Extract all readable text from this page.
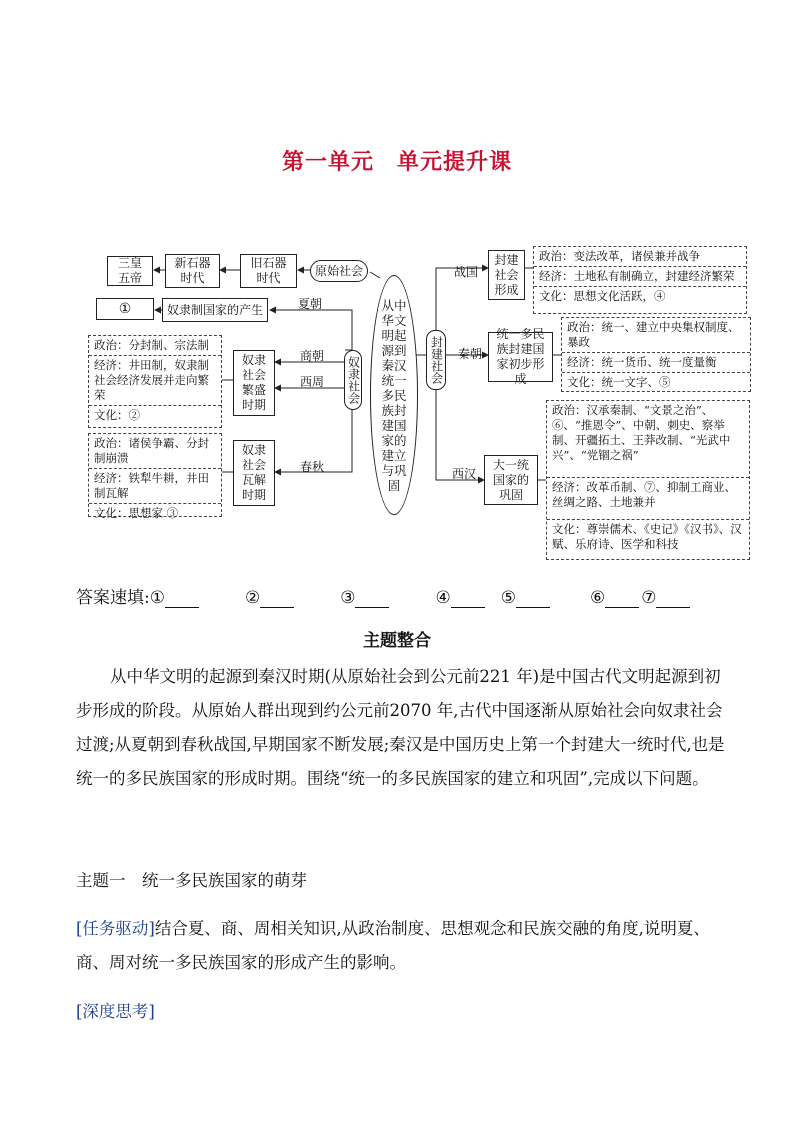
第一单元　单元提升课
三皇五帝
新石器时代
旧石器时代
原始社会
从中华文明起源到秦汉统一多民族封建国家的建立与巩固
奴隶社会
夏朝
商朝
西周
春秋
①	奴隶制国家的产生
奴隶社会繁盛时期
政治：分封制、宗法制
经济：井田制，奴隶制社会经济发展并走向繁荣
文化：②
奴隶社会瓦解时期
政治：诸侯争霸、分封制崩溃
经济：铁犁牛耕，井田制瓦解
文化：思想家 ③
封建社会
战国
秦朝
西汉
封建社会形成
政治：变法改革，诸侯兼并战争
经济：土地私有制确立，封建经济繁荣
文化：思想文化活跃，④
统一多民族封建国家初步形成
政治：统一、建立中央集权制度、暴政
经济：统一货币、统一度量衡
文化：统一文字、⑤
大一统国家的巩固
政治：汉承秦制、“文景之治”、⑥、“推恩令”、中朝、刺史、察举制、开疆拓土、王莽改制、“光武中兴”、“党锢之祸”
经济：改革币制、⑦、抑制工商业、丝绸之路、土地兼并
文化：尊崇儒术、《史记》《汉书》、汉赋、乐府诗、医学和科技
答案速填: ①	②	③	④	⑤	⑥	⑦
主题整合
从中华文明的起源到秦汉时期(从原始社会到公元前221 年)是中国古代文明起源到初步形成的阶段。从原始人群出现到约公元前2070 年,古代中国逐渐从原始社会向奴隶社会过渡;从夏朝到春秋战国,早期国家不断发展;秦汉是中国历史上第一个封建大一统时代,也是统一的多民族国家的形成时期。围绕“统一的多民族国家的建立和巩固”,完成以下问题。
主题一　统一多民族国家的萌芽
[任务驱动]结合夏、商、周相关知识,从政治制度、思想观念和民族交融的角度,说明夏、商、周对统一多民族国家的形成产生的影响。
[深度思考]
